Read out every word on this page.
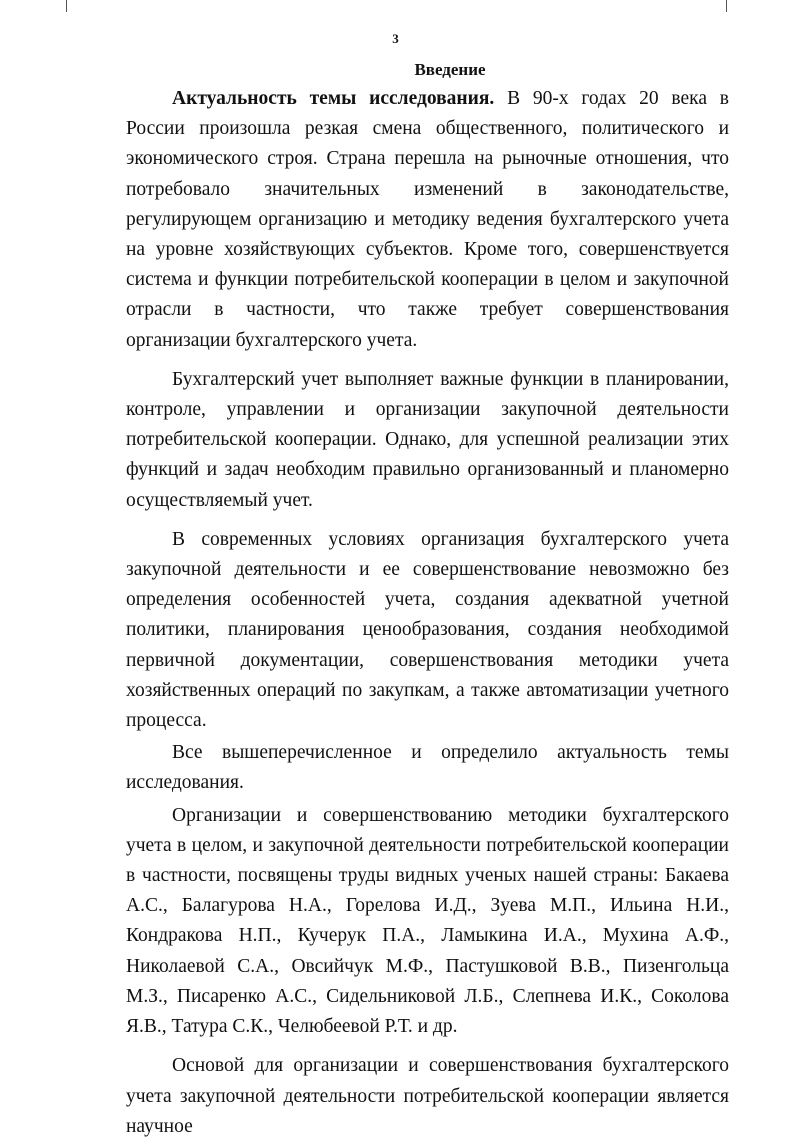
3
Введение

Актуальность темы исследования. В 90-х годах 20 века в России произошла резкая смена общественного, политического и экономического строя. Страна перешла на рыночные отношения, что потребовало значительных изменений в законодательстве, регулирующем организацию и методику ведения бухгалтерского учета на уровне хозяйствующих субъектов. Кроме того, совершенствуется система и функции потребительской кооперации в целом и закупочной отрасли в частности, что также требует совершенствования организации бухгалтерского учета.

Бухгалтерский учет выполняет важные функции в планировании, контроле, управлении и организации закупочной деятельности потребительской кооперации. Однако, для успешной реализации этих функций и задач необходим правильно организованный и планомерно осуществляемый учет.

В современных условиях организация бухгалтерского учета закупочной деятельности и ее совершенствование невозможно без определения особенностей учета, создания адекватной учетной политики, планирования ценообразования, создания необходимой первичной документации, совершенствования методики учета хозяйственных операций по закупкам, а также автоматизации учетного процесса.

Все вышеперечисленное и определило актуальность темы исследования.

Организации и совершенствованию методики бухгалтерского учета в целом, и закупочной деятельности потребительской кооперации в частности, посвящены труды видных ученых нашей страны: Бакаева А.С., Балагурова Н.А., Горелова И.Д., Зуева М.П., Ильина Н.И., Кондракова Н.П., Кучерук П.А., Ламыкина И.А., Мухина А.Ф., Николаевой С.А., Овсийчук М.Ф., Пастушковой В.В., Пизенгольца М.З., Писаренко А.С., Сидельниковой Л.Б., Слепнева И.К., Соколова Я.В., Татура С.К., Челюбеевой Р.Т. и др.

Основой для организации и совершенствования бухгалтерского учета закупочной деятельности потребительской кооперации является научное
